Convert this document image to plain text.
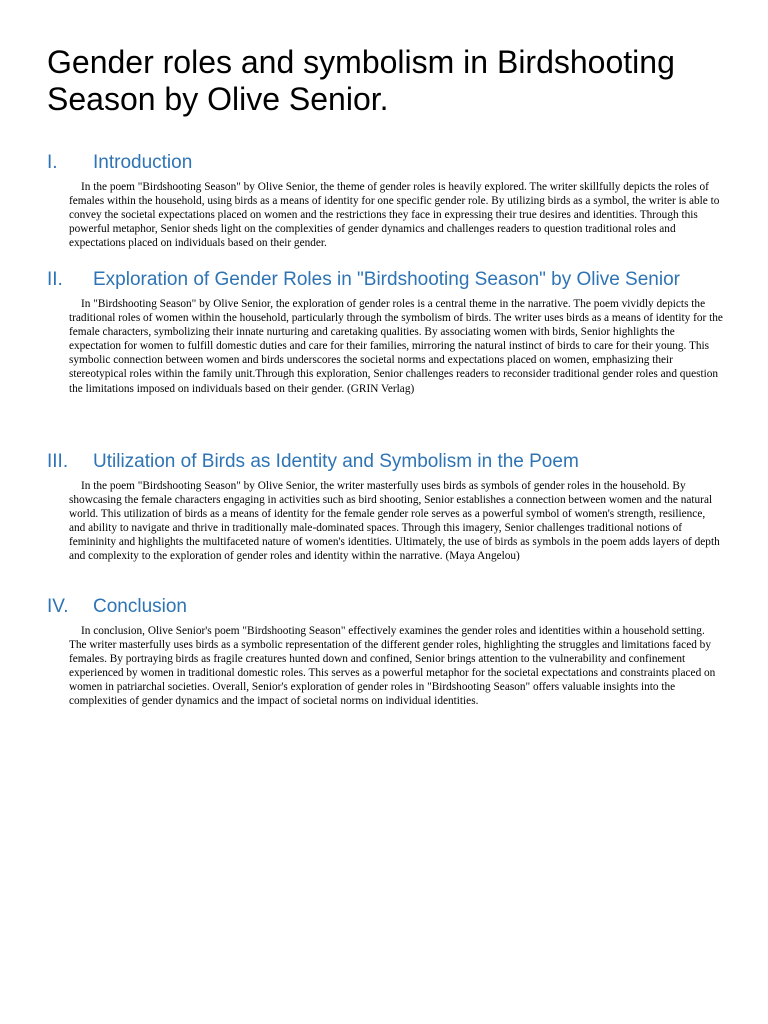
Gender roles and symbolism in Birdshooting Season by Olive Senior.
I. Introduction

In the poem "Birdshooting Season" by Olive Senior, the theme of gender roles is heavily explored. The writer skillfully depicts the roles of females within the household, using birds as a means of identity for one specific gender role. By utilizing birds as a symbol, the writer is able to convey the societal expectations placed on women and the restrictions they face in expressing their true desires and identities. Through this powerful metaphor, Senior sheds light on the complexities of gender dynamics and challenges readers to question traditional roles and expectations placed on individuals based on their gender.

II. Exploration of Gender Roles in "Birdshooting Season" by Olive Senior

In "Birdshooting Season" by Olive Senior, the exploration of gender roles is a central theme in the narrative. The poem vividly depicts the traditional roles of women within the household, particularly through the symbolism of birds. The writer uses birds as a means of identity for the female characters, symbolizing their innate nurturing and caretaking qualities. By associating women with birds, Senior highlights the expectation for women to fulfill domestic duties and care for their families, mirroring the natural instinct of birds to care for their young. This symbolic connection between women and birds underscores the societal norms and expectations placed on women, emphasizing their stereotypical roles within the family unit.Through this exploration, Senior challenges readers to reconsider traditional gender roles and question the limitations imposed on individuals based on their gender. (GRIN Verlag)

III. Utilization of Birds as Identity and Symbolism in the Poem

In the poem "Birdshooting Season" by Olive Senior, the writer masterfully uses birds as symbols of gender roles in the household. By showcasing the female characters engaging in activities such as bird shooting, Senior establishes a connection between women and the natural world. This utilization of birds as a means of identity for the female gender role serves as a powerful symbol of women's strength, resilience, and ability to navigate and thrive in traditionally male-dominated spaces. Through this imagery, Senior challenges traditional notions of femininity and highlights the multifaceted nature of women's identities. Ultimately, the use of birds as symbols in the poem adds layers of depth and complexity to the exploration of gender roles and identity within the narrative. (Maya Angelou)

IV. Conclusion

In conclusion, Olive Senior's poem "Birdshooting Season" effectively examines the gender roles and identities within a household setting. The writer masterfully uses birds as a symbolic representation of the different gender roles, highlighting the struggles and limitations faced by females. By portraying birds as fragile creatures hunted down and confined, Senior brings attention to the vulnerability and confinement experienced by women in traditional domestic roles. This serves as a powerful metaphor for the societal expectations and constraints placed on women in patriarchal societies. Overall, Senior's exploration of gender roles in "Birdshooting Season" offers valuable insights into the complexities of gender dynamics and the impact of societal norms on individual identities.
